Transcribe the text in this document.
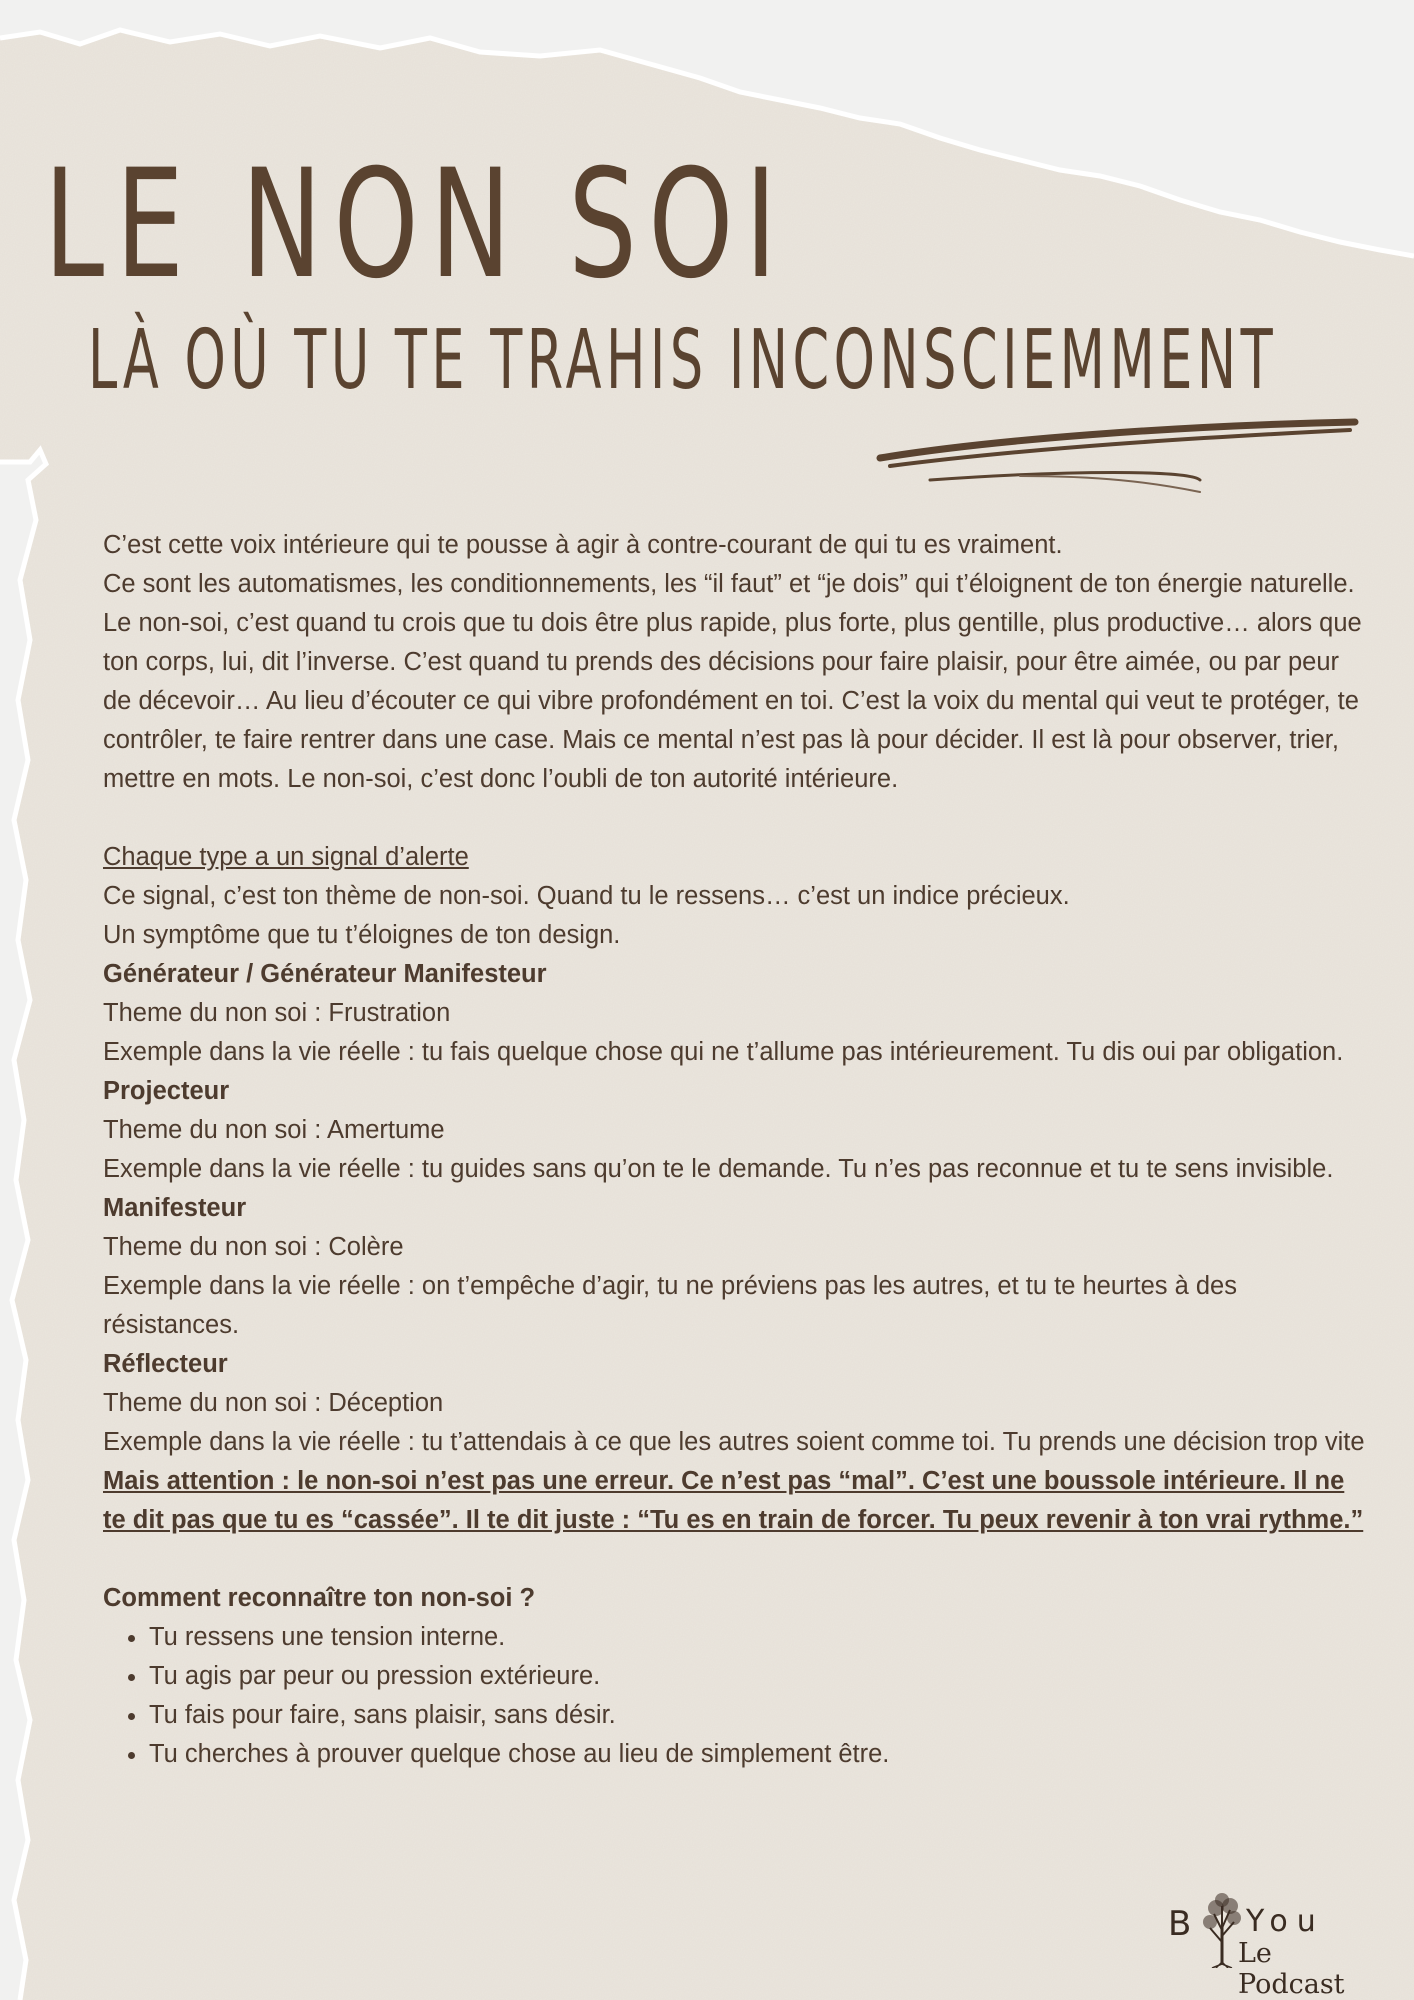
LE NON SOI
LÀ OÙ TU TE TRAHIS INCONSCIEMMENT

C’est cette voix intérieure qui te pousse à agir à contre-courant de qui tu es vraiment.

Ce sont les automatismes, les conditionnements, les “il faut” et “je dois” qui t’éloignent de ton énergie naturelle. Le non-soi, c’est quand tu crois que tu dois être plus rapide, plus forte, plus gentille, plus productive… alors que ton corps, lui, dit l’inverse. C’est quand tu prends des décisions pour faire plaisir, pour être aimée, ou par peur de décevoir… Au lieu d’écouter ce qui vibre profondément en toi. C’est la voix du mental qui veut te protéger, te contrôler, te faire rentrer dans une case. Mais ce mental n’est pas là pour décider. Il est là pour observer, trier, mettre en mots. Le non-soi, c’est donc l’oubli de ton autorité intérieure.

Chaque type a un signal d’alerte

Ce signal, c’est ton thème de non-soi. Quand tu le ressens… c’est un indice précieux.

Un symptôme que tu t’éloignes de ton design.

Générateur / Générateur Manifesteur

Theme du non soi : Frustration

Exemple dans la vie réelle : tu fais quelque chose qui ne t’allume pas intérieurement. Tu dis oui par obligation.

Projecteur

Theme du non soi : Amertume

Exemple dans la vie réelle : tu guides sans qu’on te le demande. Tu n’es pas reconnue et tu te sens invisible.

Manifesteur

Theme du non soi : Colère

Exemple dans la vie réelle : on t’empêche d’agir, tu ne préviens pas les autres, et tu te heurtes à des résistances.

Réflecteur

Theme du non soi : Déception

Exemple dans la vie réelle : tu t’attendais à ce que les autres soient comme toi. Tu prends une décision trop vite

Mais attention : le non-soi n’est pas une erreur. Ce n’est pas “mal”. C’est une boussole intérieure. Il ne te dit pas que tu es “cassée”. Il te dit juste : “Tu es en train de forcer. Tu peux revenir à ton vrai rythme.”

Comment reconnaître ton non-soi ?

• Tu ressens une tension interne.
• Tu agis par peur ou pression extérieure.
• Tu fais pour faire, sans plaisir, sans désir.
• Tu cherches à prouver quelque chose au lieu de simplement être.
B You
Le Podcast
